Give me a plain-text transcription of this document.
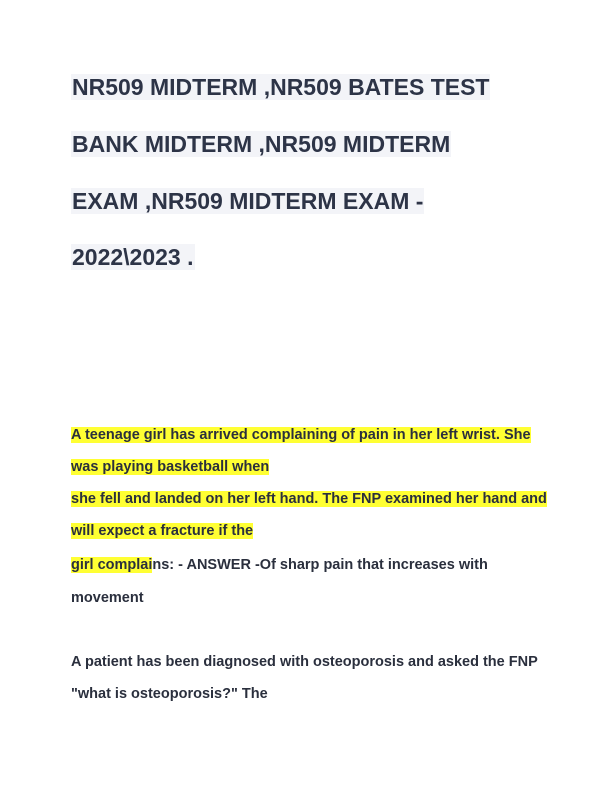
NR509 MIDTERM ,NR509 BATES TEST
BANK MIDTERM ,NR509 MIDTERM
EXAM ,NR509 MIDTERM EXAM -
2022\2023 .
A teenage girl has arrived complaining of pain in her left wrist. She
was playing basketball when
she fell and landed on her left hand. The FNP examined her hand and
will expect a fracture if the
girl complains: - ANSWER -Of sharp pain that increases with
movement
A patient has been diagnosed with osteoporosis and asked the FNP
"what is osteoporosis?" The
